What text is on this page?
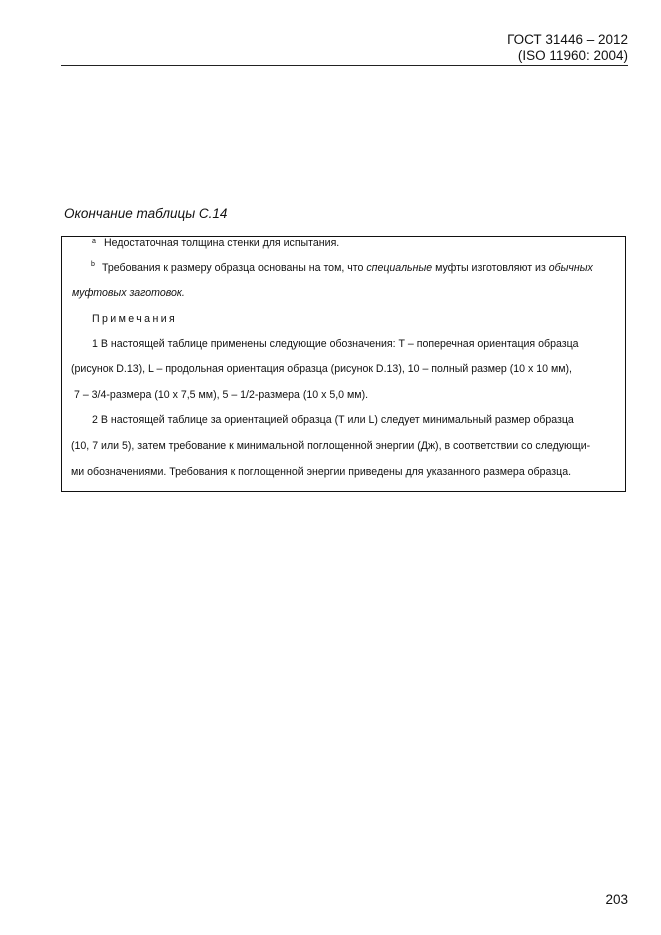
ГОСТ 31446 – 2012
(ISO 11960: 2004)
Окончание таблицы С.14
a Недостаточная толщина стенки для испытания.
b Требования к размеру образца основаны на том, что специальные муфты изготовляют из обычных
муфтовых заготовок.
Примечания
1 В настоящей таблице применены следующие обозначения: Т – поперечная ориентация образца
(рисунок D.13), L – продольная ориентация образца (рисунок D.13), 10 – полный размер (10 х 10 мм),
7 – 3/4-размера (10 х 7,5 мм), 5 – 1/2-размера (10 х 5,0 мм).
2 В настоящей таблице за ориентацией образца (Т или L) следует минимальный размер образца
(10, 7 или 5), затем требование к минимальной поглощенной энергии (Дж), в соответствии со следующи-
ми обозначениями. Требования к поглощенной энергии приведены для указанного размера образца.
203
